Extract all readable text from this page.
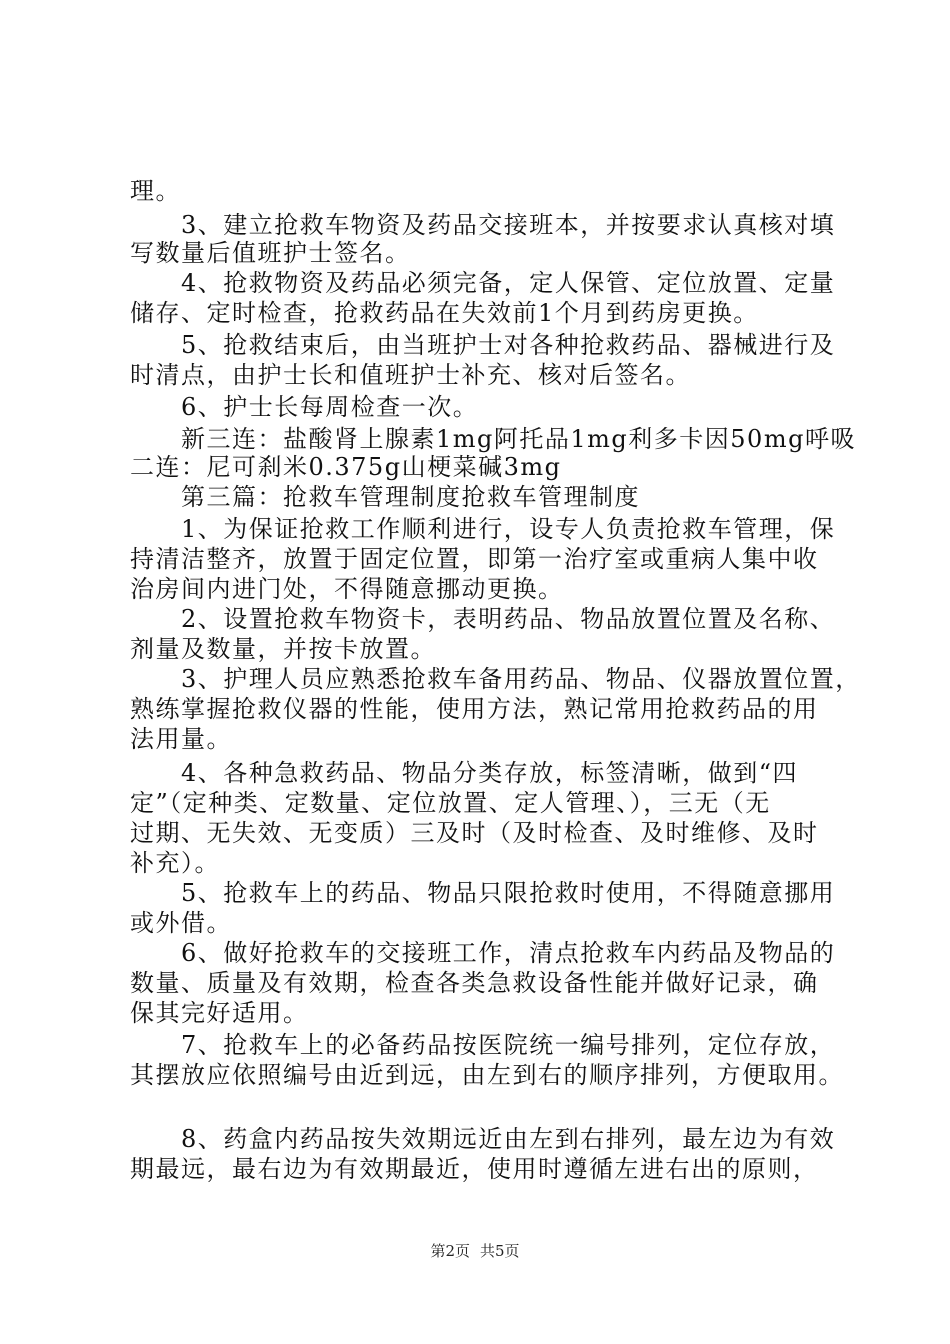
理。
　　3、建立抢救车物资及药品交接班本，并按要求认真核对填
写数量后值班护士签名。
　　4、抢救物资及药品必须完备，定人保管、定位放置、定量
储存、定时检查，抢救药品在失效前1个月到药房更换。
　　5、抢救结束后，由当班护士对各种抢救药品、器械进行及
时清点，由护士长和值班护士补充、核对后签名。
　　6、护士长每周检查一次。
　　新三连：盐酸肾上腺素1mg阿托品1mg利多卡因50mg呼吸
二连：尼可刹米0.375g山梗菜碱3mg
　　第三篇：抢救车管理制度抢救车管理制度
　　1、为保证抢救工作顺利进行，设专人负责抢救车管理，保
持清洁整齐，放置于固定位置，即第一治疗室或重病人集中收
治房间内进门处，不得随意挪动更换。
　　2、设置抢救车物资卡，表明药品、物品放置位置及名称、
剂量及数量，并按卡放置。
　　3、护理人员应熟悉抢救车备用药品、物品、仪器放置位置，
熟练掌握抢救仪器的性能，使用方法，熟记常用抢救药品的用
法用量。
　　4、各种急救药品、物品分类存放，标签清晰，做到“四
定”（定种类、定数量、定位放置、定人管理、），三无（无
过期、无失效、无变质）三及时（及时检查、及时维修、及时
补充）。
　　5、抢救车上的药品、物品只限抢救时使用，不得随意挪用
或外借。
　　6、做好抢救车的交接班工作，清点抢救车内药品及物品的
数量、质量及有效期，检查各类急救设备性能并做好记录，确
保其完好适用。
　　7、抢救车上的必备药品按医院统一编号排列，定位存放，
其摆放应依照编号由近到远，由左到右的顺序排列，方便取用。
　　8、药盒内药品按失效期远近由左到右排列，最左边为有效
期最远，最右边为有效期最近，使用时遵循左进右出的原则，
第2页 共5页
